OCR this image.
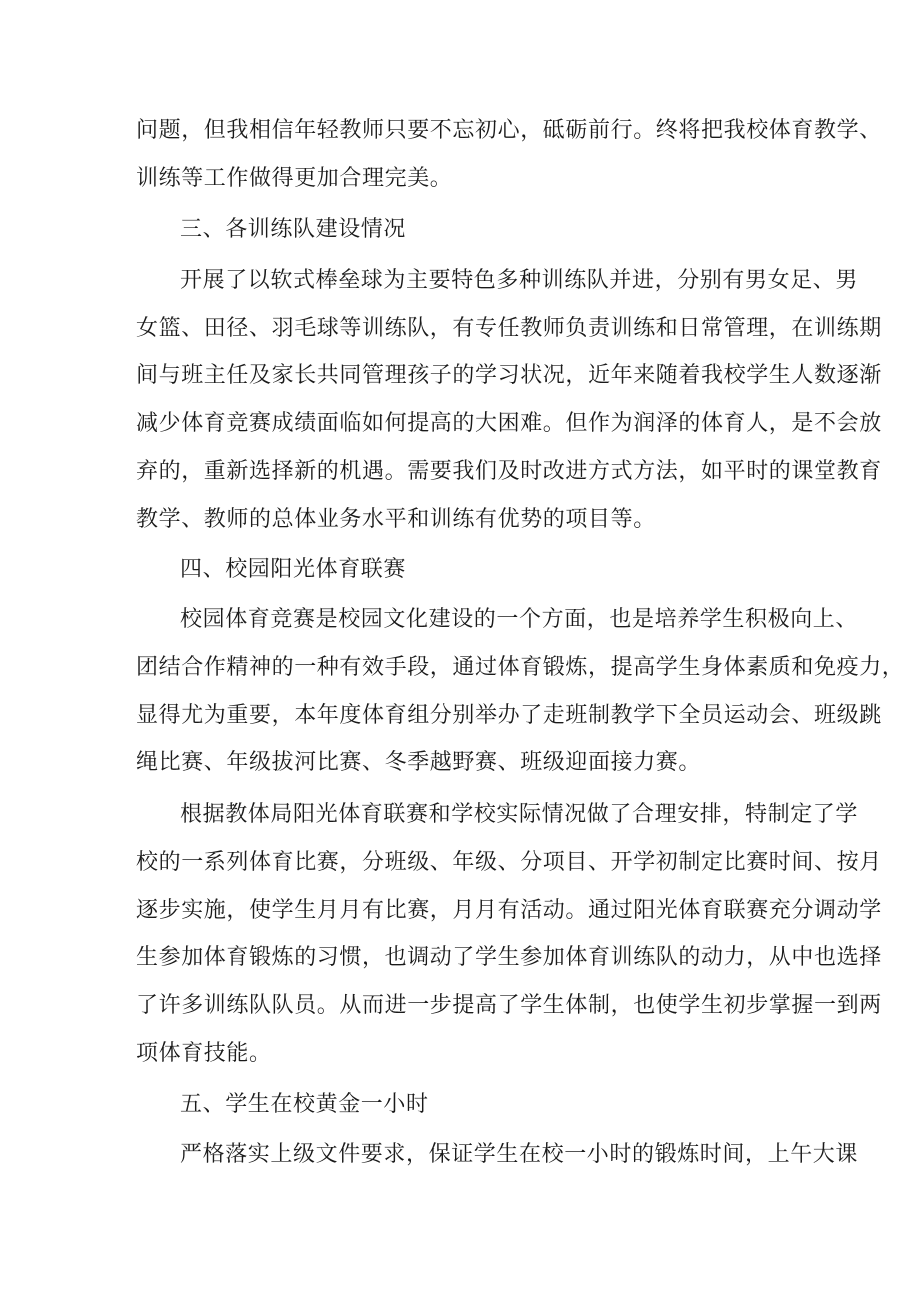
问题，但我相信年轻教师只要不忘初心，砥砺前行。终将把我校体育教学、
训练等工作做得更加合理完美。
三、各训练队建设情况
开展了以软式棒垒球为主要特色多种训练队并进，分别有男女足、男
女篮、田径、羽毛球等训练队，有专任教师负责训练和日常管理，在训练期
间与班主任及家长共同管理孩子的学习状况，近年来随着我校学生人数逐渐
减少体育竞赛成绩面临如何提高的大困难。但作为润泽的体育人，是不会放
弃的，重新选择新的机遇。需要我们及时改进方式方法，如平时的课堂教育
教学、教师的总体业务水平和训练有优势的项目等。
四、校园阳光体育联赛
校园体育竞赛是校园文化建设的一个方面，也是培养学生积极向上、
团结合作精神的一种有效手段，通过体育锻炼，提高学生身体素质和免疫力，
显得尤为重要，本年度体育组分别举办了走班制教学下全员运动会、班级跳
绳比赛、年级拔河比赛、冬季越野赛、班级迎面接力赛。
根据教体局阳光体育联赛和学校实际情况做了合理安排，特制定了学
校的一系列体育比赛，分班级、年级、分项目、开学初制定比赛时间、按月
逐步实施，使学生月月有比赛，月月有活动。通过阳光体育联赛充分调动学
生参加体育锻炼的习惯，也调动了学生参加体育训练队的动力，从中也选择
了许多训练队队员。从而进一步提高了学生体制，也使学生初步掌握一到两
项体育技能。
五、学生在校黄金一小时
严格落实上级文件要求，保证学生在校一小时的锻炼时间，上午大课
